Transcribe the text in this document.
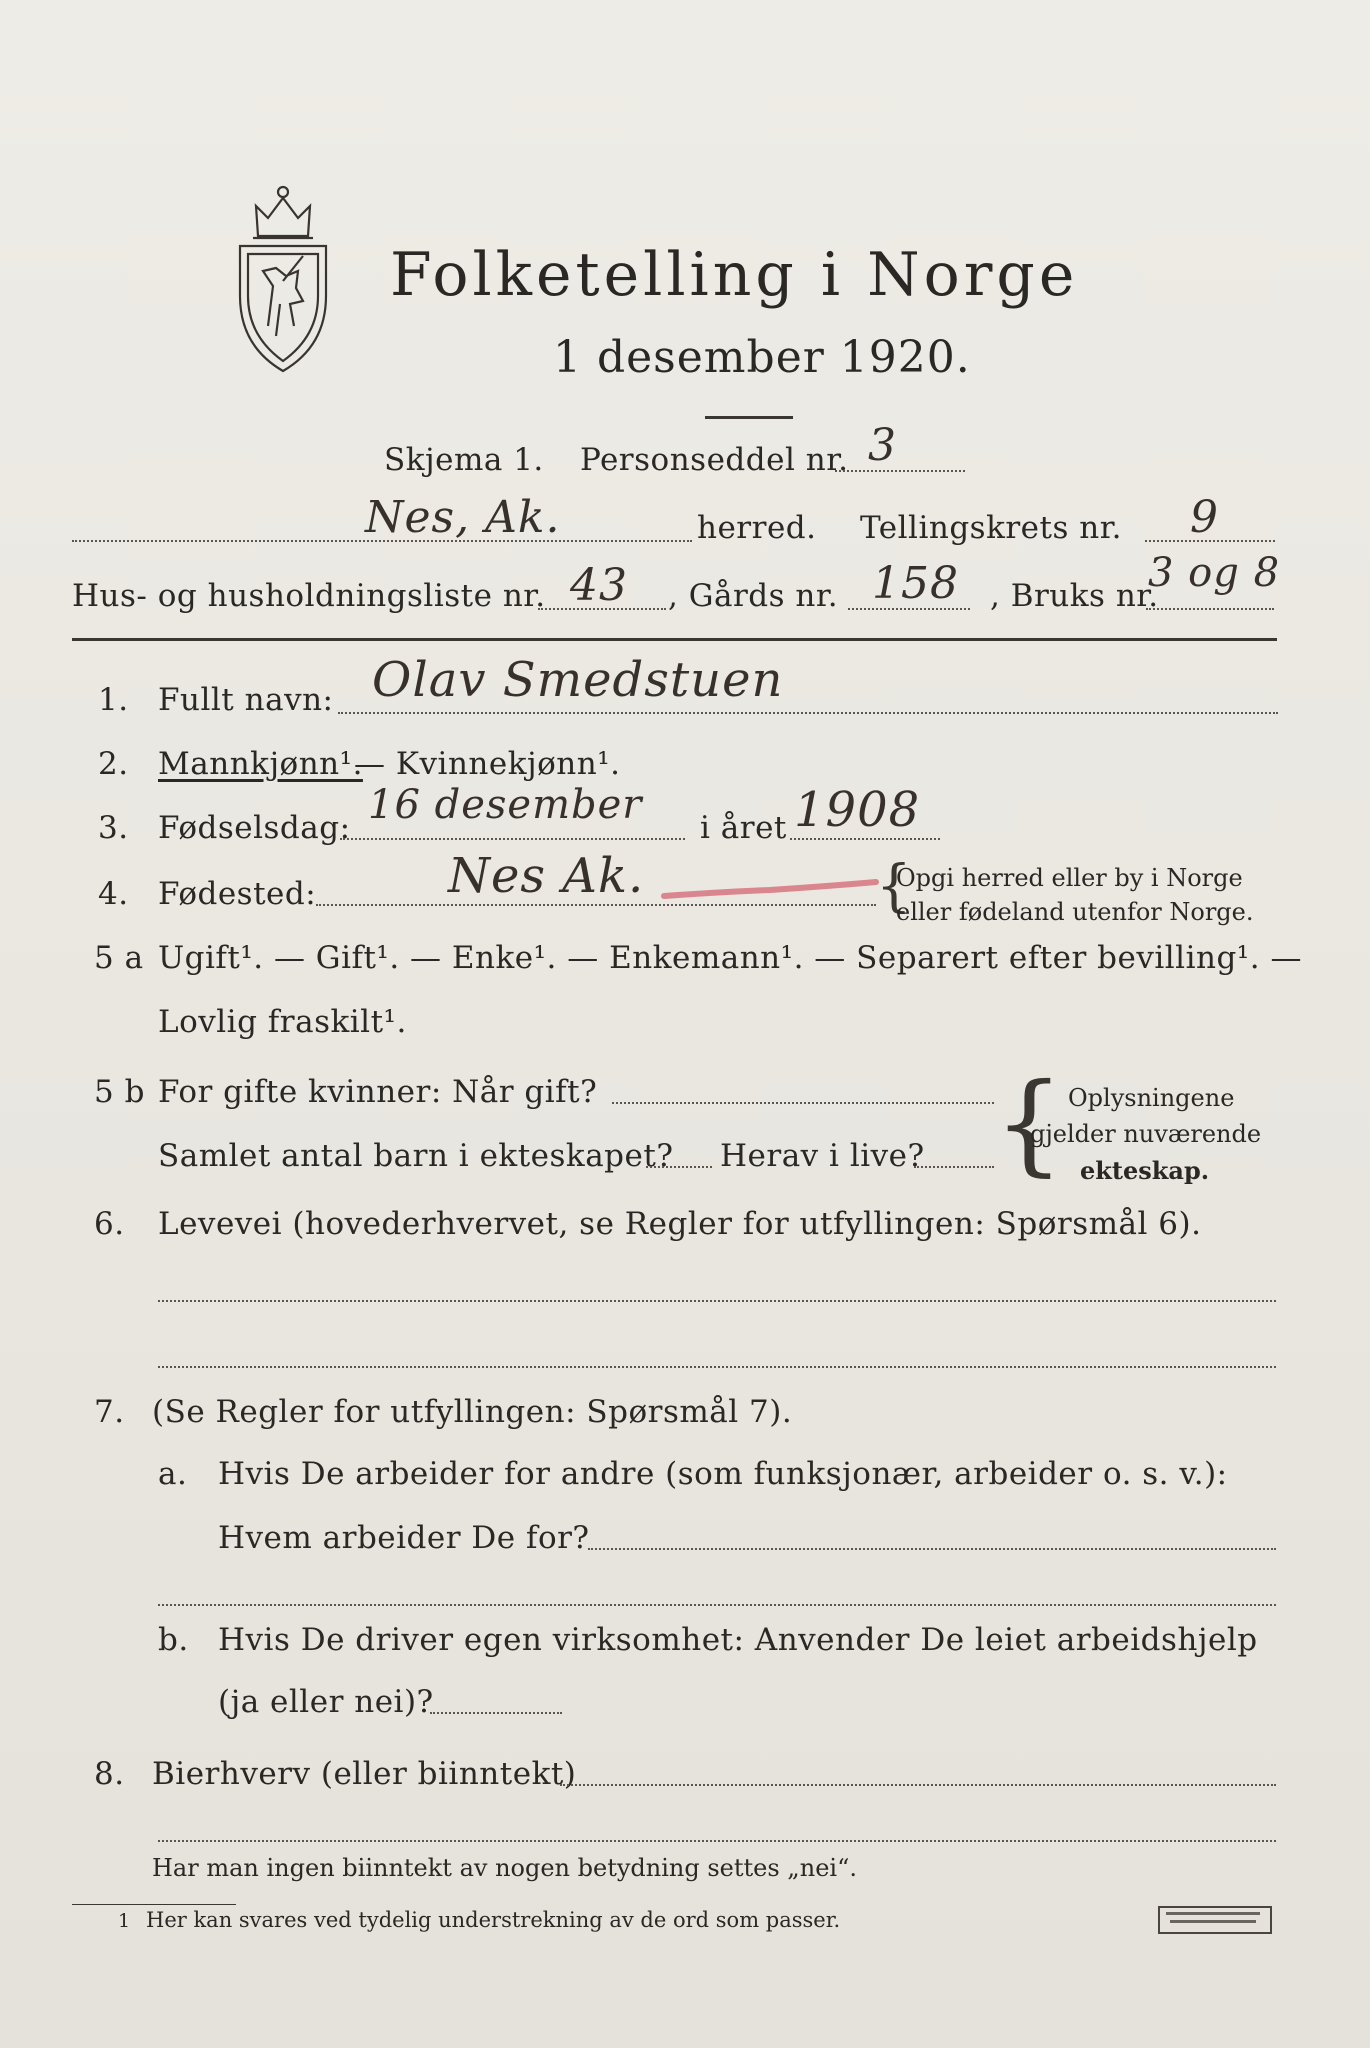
Folketelling i Norge
1 desember 1920.
Skjema 1. Personseddel nr. 3
Nes, Ak.	herred. Tellingskrets nr. 9
Hus- og husholdningsliste nr. 43 , Gårds nr. 158 , Bruks nr.
3 og 8
1. Fullt navn: Olav Smedstuen
2. Mannkjønn¹.
— Kvinnekjønn¹.
3. Fødselsdag: 16 desember i året 1908
4. Fødested:	Nes Ak.	{
Opgi herred eller by i Norge
eller fødeland utenfor Norge.
5 a Ugift¹. — Gift¹. — Enke¹. — Enkemann¹. — Separert efter bevilling¹. —
Lovlig fraskilt¹.
5 b For gifte kvinner: Når gift?
Samlet antal barn i ekteskapet? Herav i live? { Oplysningene
gjelder nuværende
ekteskap.
6. Levevei (hovederhvervet, se Regler for utfyllingen: Spørsmål 6).
7. (Se Regler for utfyllingen: Spørsmål 7).
a. Hvis De arbeider for andre (som funksjonær, arbeider o. s. v.):
Hvem arbeider De for?
b. Hvis De driver egen virksomhet: Anvender De leiet arbeidshjelp
(ja eller nei)?
8. Bierhverv (eller biinntekt)
Har man ingen biinntekt av nogen betydning settes „nei“.
1 Her kan svares ved tydelig understrekning av de ord som passer.
